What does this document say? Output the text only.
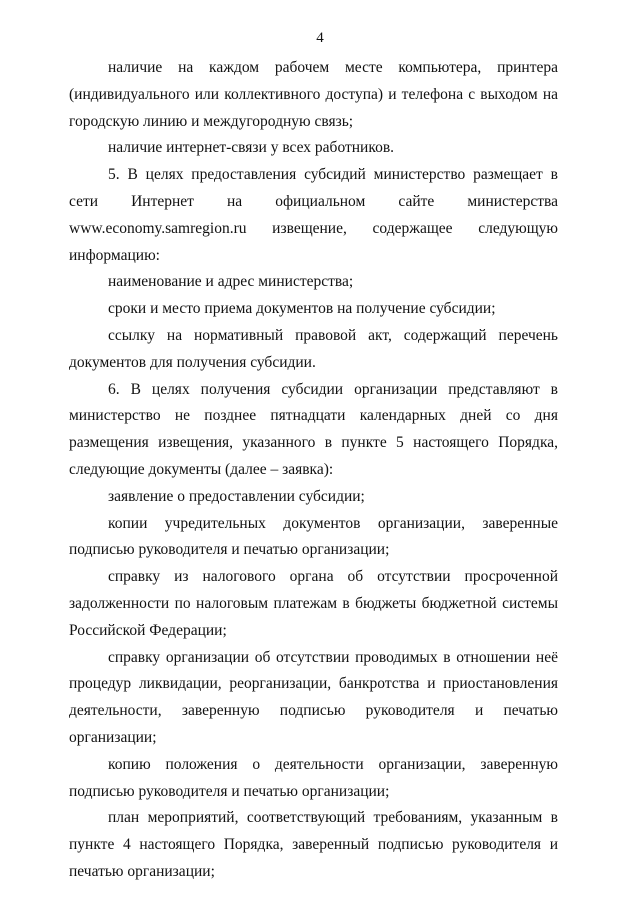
4

наличие на каждом рабочем месте компьютера, принтера (индивидуального или коллективного доступа) и телефона с выходом на городскую линию и междугородную связь;

наличие интернет-связи у всех работников.

5. В целях предоставления субсидий министерство размещает в сети Интернет на официальном сайте министерства www.economy.samregion.ru извещение, содержащее следующую информацию:

наименование и адрес министерства;

сроки и место приема документов на получение субсидии;

ссылку на нормативный правовой акт, содержащий перечень документов для получения субсидии.

6. В целях получения субсидии организации представляют в министерство не позднее пятнадцати календарных дней со дня размещения извещения, указанного в пункте 5 настоящего Порядка, следующие документы (далее – заявка):

заявление о предоставлении субсидии;

копии учредительных документов организации, заверенные подписью руководителя и печатью организации;

справку из налогового органа об отсутствии просроченной задолженности по налоговым платежам в бюджеты бюджетной системы Российской Федерации;

справку организации об отсутствии проводимых в отношении неё процедур ликвидации, реорганизации, банкротства и приостановления деятельности, заверенную подписью руководителя и печатью организации;

копию положения о деятельности организации, заверенную подписью руководителя и печатью организации;

план мероприятий, соответствующий требованиям, указанным в пункте 4 настоящего Порядка, заверенный подписью руководителя и печатью организации;
